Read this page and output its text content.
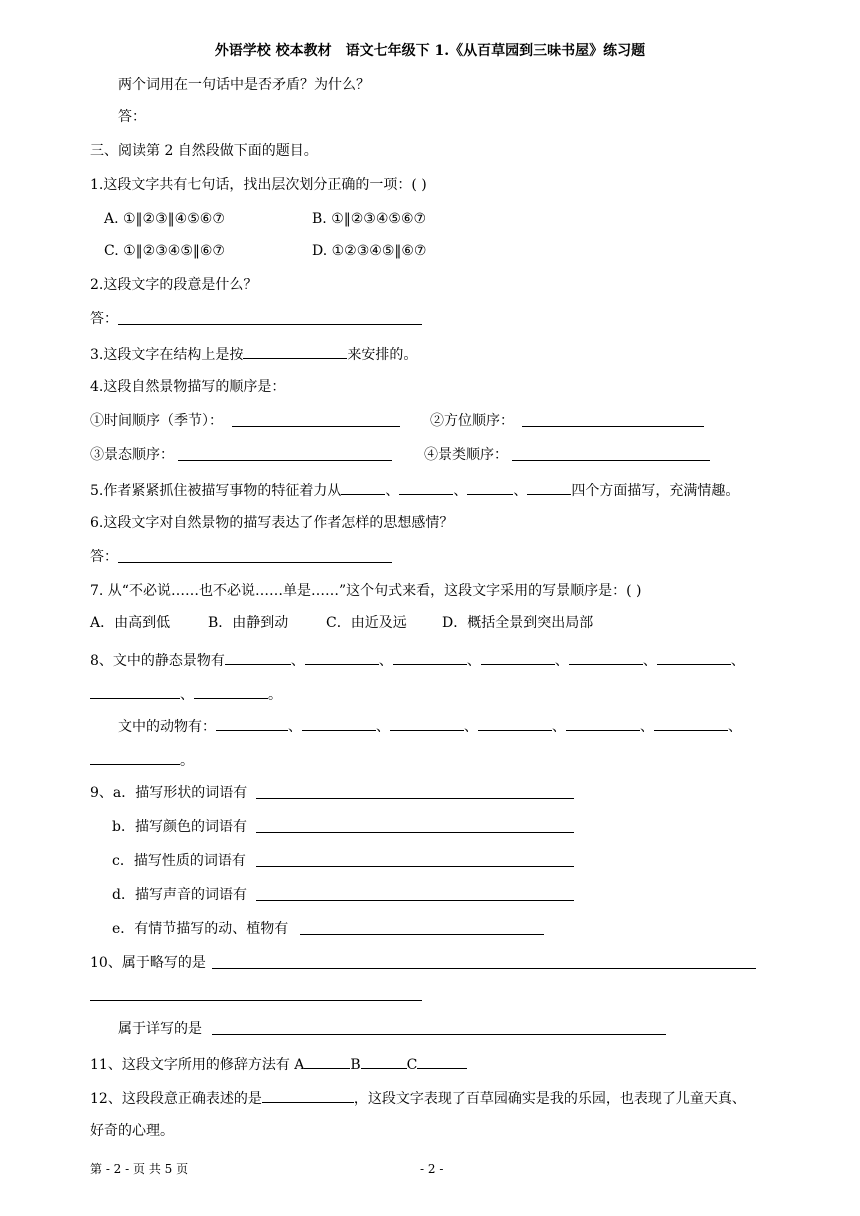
外语学校 校本教材　语文七年级下 1.《从百草园到三味书屋》练习题
两个词用在一句话中是否矛盾？为什么？
答：
三、阅读第 2 自然段做下面的题目。
1.这段文字共有七句话，找出层次划分正确的一项：( )
A. ①‖②③‖④⑤⑥⑦	B. ①‖②③④⑤⑥⑦
C. ①‖②③④⑤‖⑥⑦	D. ①②③④⑤‖⑥⑦
2.这段文字的段意是什么？
答：
3.这段文字在结构上是按	来安排的。
4.这段自然景物描写的顺序是：
①时间顺序（季节）：	②方位顺序：
③景态顺序：	④景类顺序：
5.作者紧紧抓住被描写事物的特征着力从	、	、	、	四个方面描写，充满情趣。
6.这段文字对自然景物的描写表达了作者怎样的思想感情？
答：
7. 从“不必说……也不必说……单是……”这个句式来看，这段文字采用的写景顺序是：( )
A．由高到低	B．由静到动	C．由近及远	D．概括全景到突出局部
8、文中的静态景物有	、	、	、	、	、	、
、	。
文中的动物有：	、	、	、	、	、	、
。
9、a．描写形状的词语有
b．描写颜色的词语有
c．描写性质的词语有
d．描写声音的词语有
e．有情节描写的动、植物有
10、属于略写的是
属于详写的是
11、这段文字所用的修辞方法有 A	B	C
12、这段段意正确表述的是	，这段文字表现了百草园确实是我的乐园，也表现了儿童天真、
好奇的心理。
第 - 2 - 页 共 5 页	- 2 -
